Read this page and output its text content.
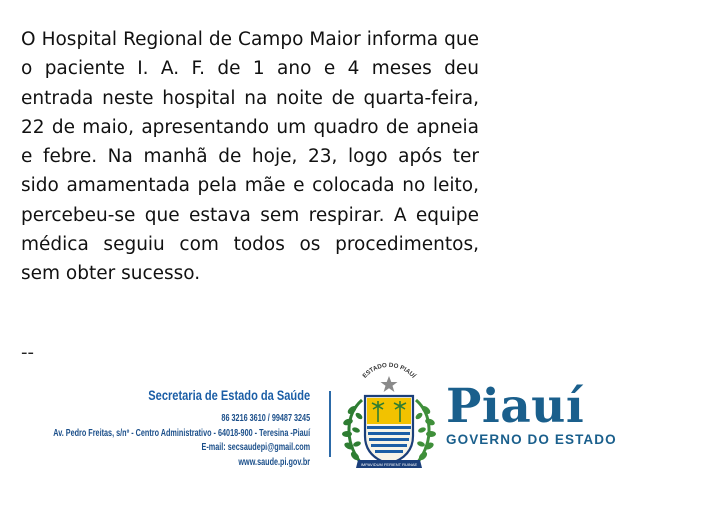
O Hospital Regional de Campo Maior informa que o paciente I. A. F. de 1 ano e 4 meses deu entrada neste hospital na noite de quarta-feira, 22 de maio, apresentando um quadro de apneia e febre. Na manhã de hoje, 23, logo após ter sido amamentada pela mãe e colocada no leito, percebeu-se que estava sem respirar. A equipe médica seguiu com todos os procedimentos, sem obter sucesso.

--
Secretaria de Estado da Saúde
86 3216 3610 / 99487 3245
Av. Pedro Freitas, s/nº - Centro Administrativo - 64018-900 - Teresina -Piauí
E-mail: secsaudepi@gmail.com
www.saude.pi.gov.br
ESTADO DO PIAUÍ
IMPAVIDUM FERIENT RUINAE
Piauí
GOVERNO DO ESTADO
